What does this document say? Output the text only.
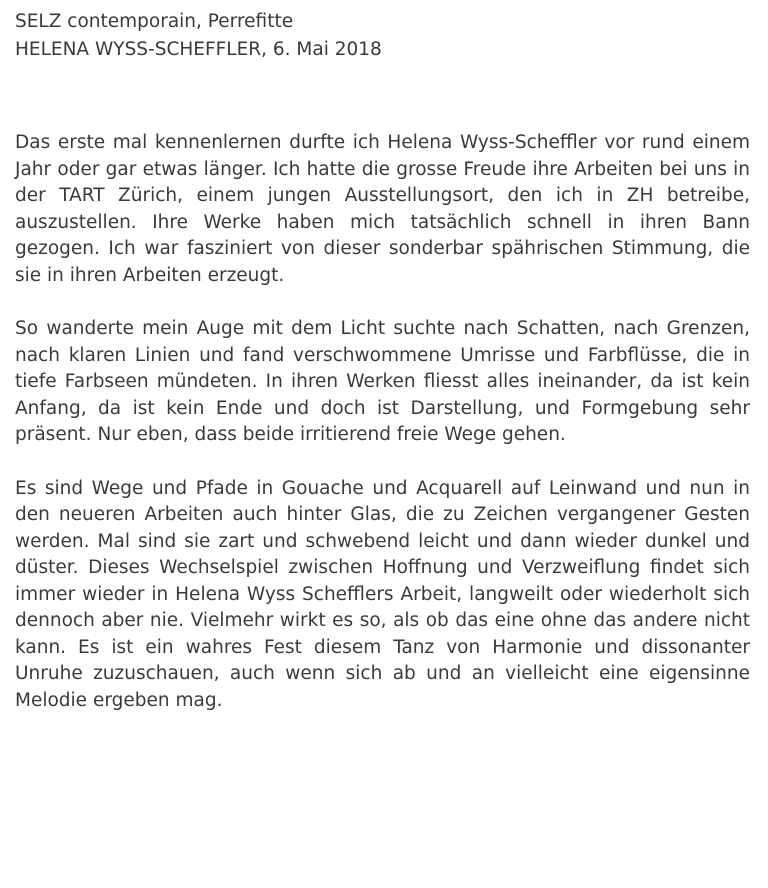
SELZ contemporain, Perrefitte

HELENA WYSS-SCHEFFLER, 6. Mai 2018

Das erste mal kennenlernen durfte ich Helena Wyss-Scheffler vor rund einem Jahr oder gar etwas länger. Ich hatte die grosse Freude ihre Arbeiten bei uns in der TART Zürich, einem jungen Ausstellungsort, den ich in ZH betreibe, auszustellen. Ihre Werke haben mich tatsächlich schnell in ihren Bann gezogen. Ich war fasziniert von dieser sonderbar spährischen Stimmung, die sie in ihren Arbeiten erzeugt.

So wanderte mein Auge mit dem Licht suchte nach Schatten, nach Grenzen, nach klaren Linien und fand verschwommene Umrisse und Farbflüsse, die in tiefe Farbseen mündeten. In ihren Werken fliesst alles ineinander, da ist kein Anfang, da ist kein Ende und doch ist Darstellung, und Formgebung sehr präsent. Nur eben, dass beide irritierend freie Wege gehen.

Es sind Wege und Pfade in Gouache und Acquarell auf Leinwand und nun in den neueren Arbeiten auch hinter Glas, die zu Zeichen vergangener Gesten werden. Mal sind sie zart und schwebend leicht und dann wieder dunkel und düster. Dieses Wechselspiel zwischen Hoffnung und Verzweiflung findet sich immer wieder in Helena Wyss Schefflers Arbeit, langweilt oder wiederholt sich dennoch aber nie. Vielmehr wirkt es so, als ob das eine ohne das andere nicht kann. Es ist ein wahres Fest diesem Tanz von Harmonie und dissonanter Unruhe zuzuschauen, auch wenn sich ab und an vielleicht eine eigensinne Melodie ergeben mag.
